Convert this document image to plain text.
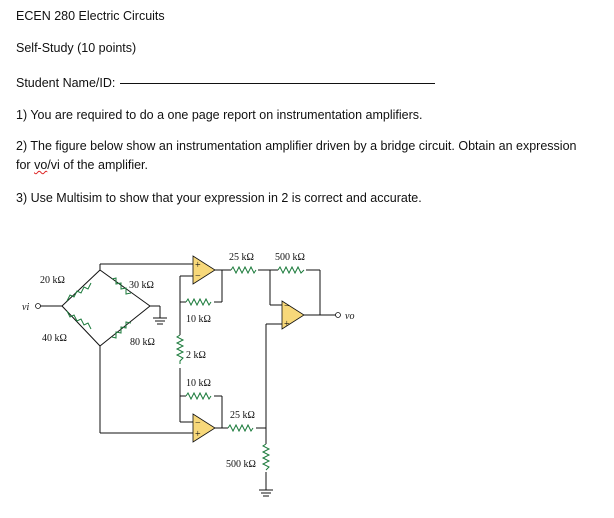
ECEN 280 Electric Circuits
Self-Study (10 points)
Student Name/ID:
1) You are required to do a one page report on instrumentation amplifiers.
2) The figure below show an instrumentation amplifier driven by a bridge circuit. Obtain an expression
for vo/vi of the amplifier.
3) Use Multisim to show that your expression in 2 is correct and accurate.
+
−
−
+
−
+
vi
vo
20 kΩ	30 kΩ
40 kΩ	80 kΩ
10 kΩ
2 kΩ
10 kΩ
25 kΩ 500 kΩ
25 kΩ
500 kΩ
